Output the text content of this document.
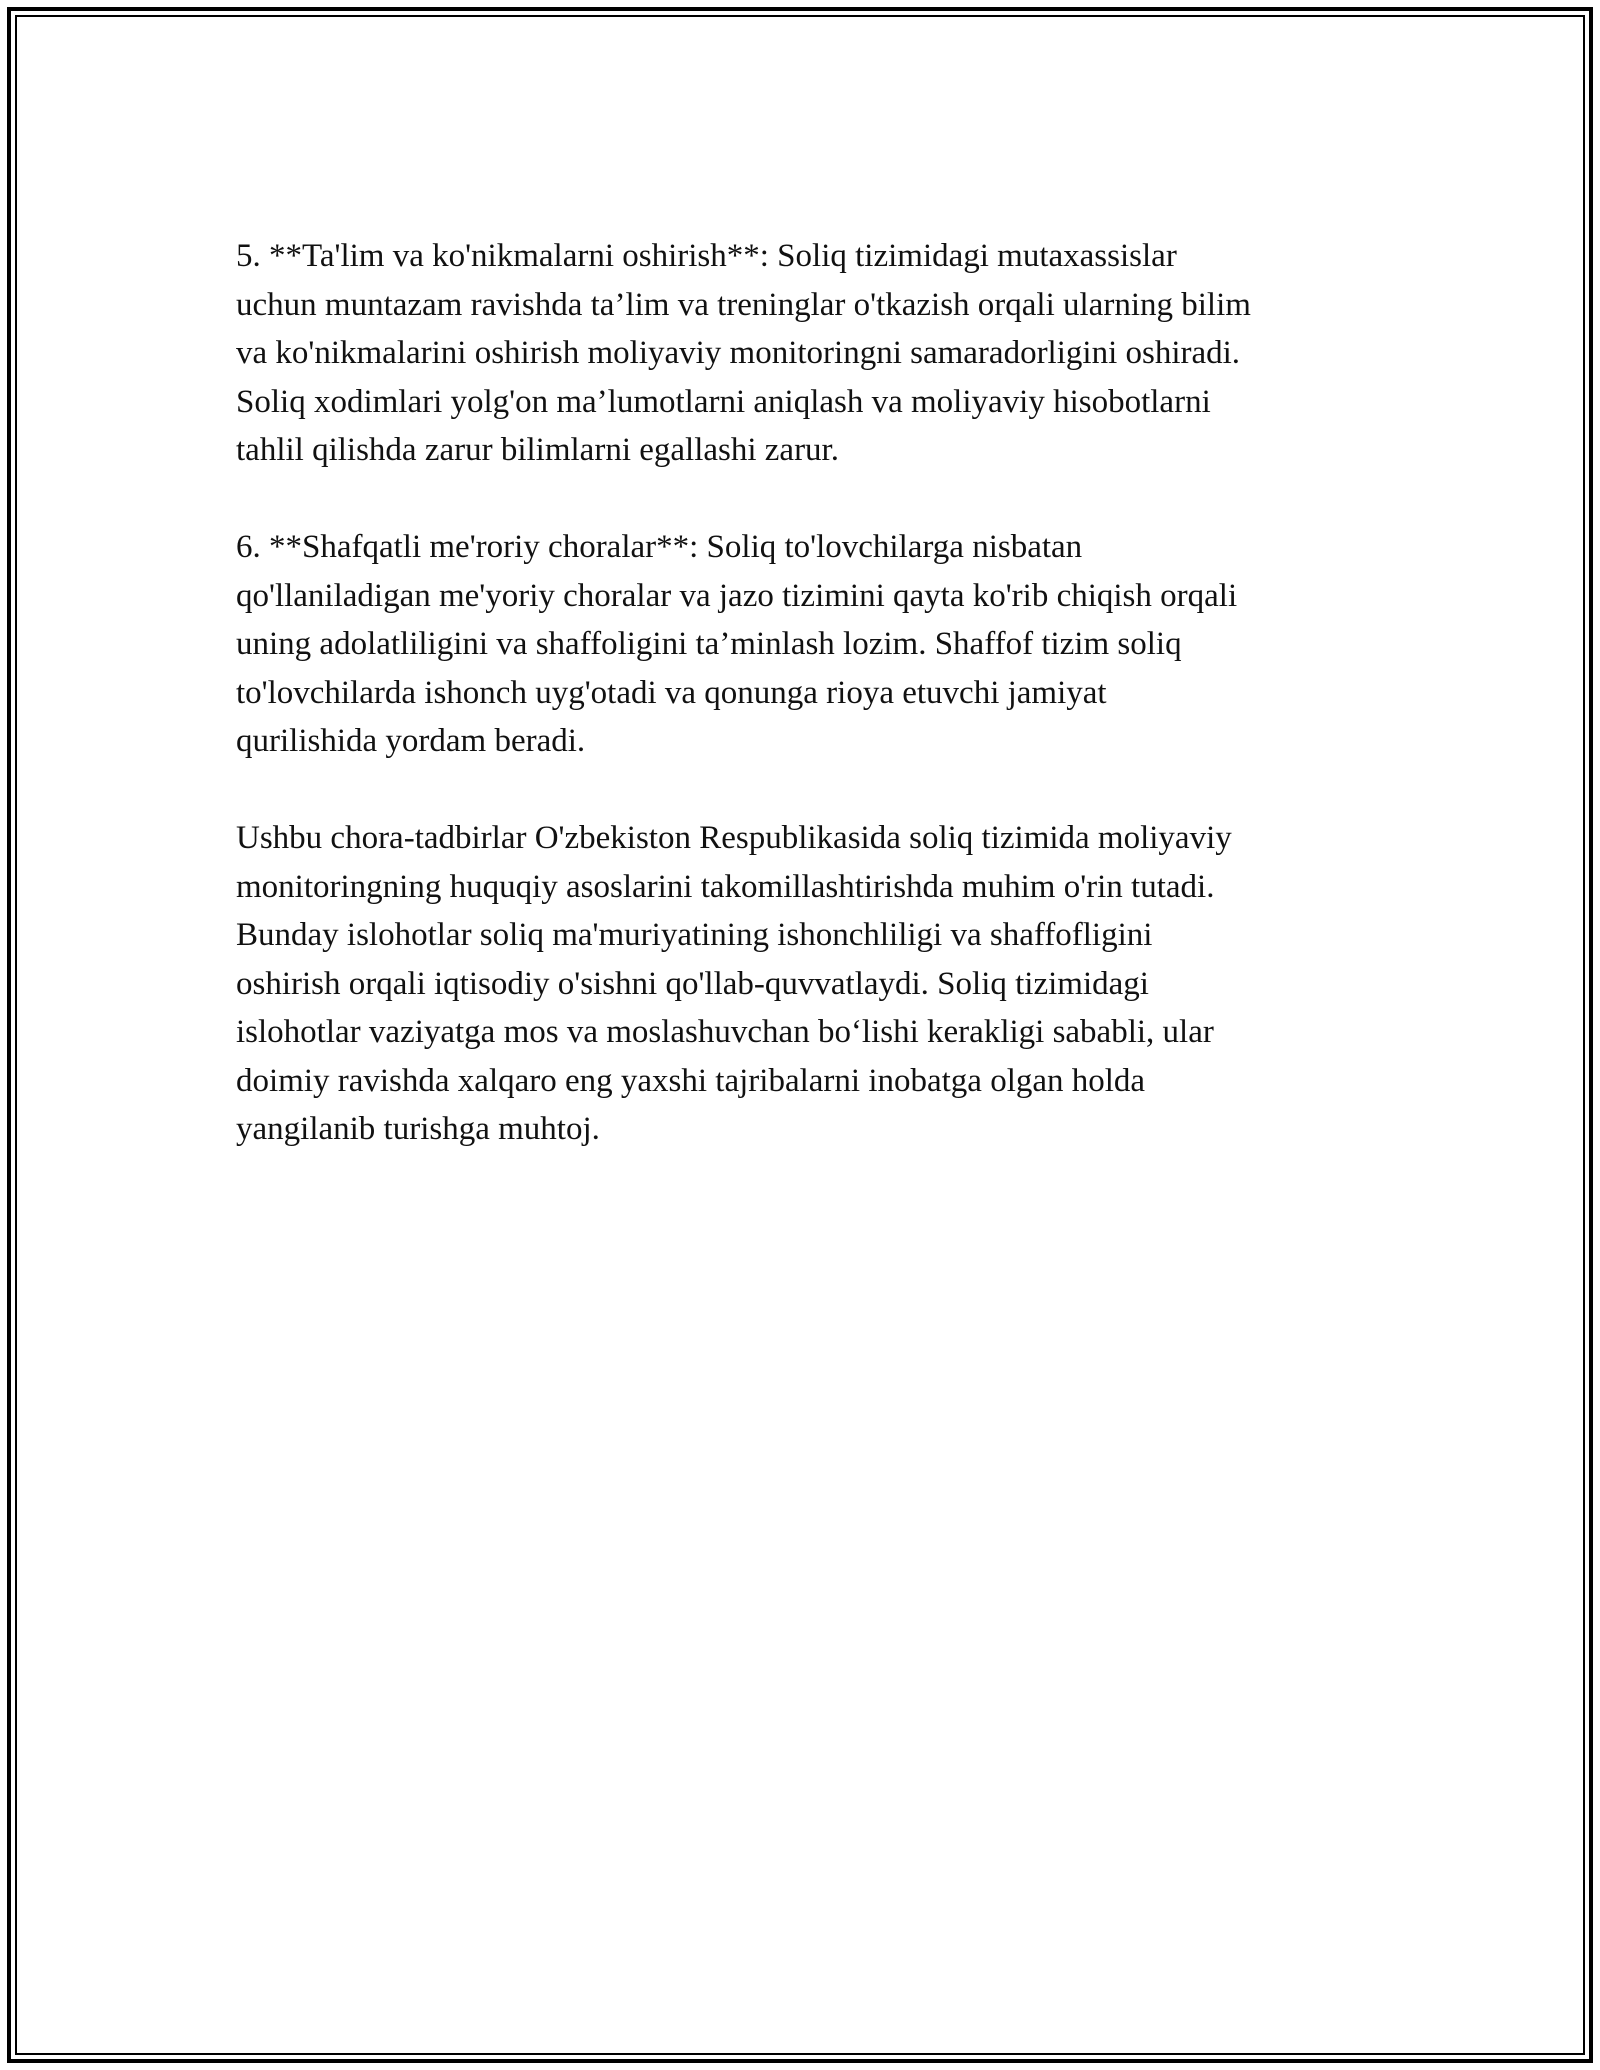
5. **Ta'lim va ko'nikmalarni oshirish**: Soliq tizimidagi mutaxassislar
uchun muntazam ravishda ta’lim va treninglar o'tkazish orqali ularning bilim
va ko'nikmalarini oshirish moliyaviy monitoringni samaradorligini oshiradi.
Soliq xodimlari yolg'on ma’lumotlarni aniqlash va moliyaviy hisobotlarni
tahlil qilishda zarur bilimlarni egallashi zarur.
6. **Shafqatli me'roriy choralar**: Soliq to'lovchilarga nisbatan
qo'llaniladigan me'yoriy choralar va jazo tizimini qayta ko'rib chiqish orqali
uning adolatliligini va shaffoligini ta’minlash lozim. Shaffof tizim soliq
to'lovchilarda ishonch uyg'otadi va qonunga rioya etuvchi jamiyat
qurilishida yordam beradi.
Ushbu chora-tadbirlar O'zbekiston Respublikasida soliq tizimida moliyaviy
monitoringning huquqiy asoslarini takomillashtirishda muhim o'rin tutadi.
Bunday islohotlar soliq ma'muriyatining ishonchliligi va shaffofligini
oshirish orqali iqtisodiy o'sishni qo'llab-quvvatlaydi. Soliq tizimidagi
islohotlar vaziyatga mos va moslashuvchan bo‘lishi kerakligi sababli, ular
doimiy ravishda xalqaro eng yaxshi tajribalarni inobatga olgan holda
yangilanib turishga muhtoj.
